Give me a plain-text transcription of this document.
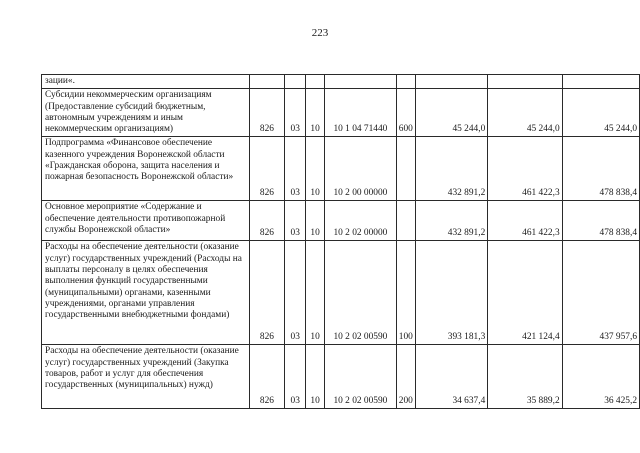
223
зации«.								
Субсидии некоммерческим организациям (Предоставление субсидий бюджетным, автономным учреждениям и иным некоммерческим организациям)	826	03	10	10 1 04 71440	600	45 244,0	45 244,0	45 244,0
Подпрограмма «Финансовое обеспечение казенного учреждения Воронежской области «Гражданская оборона, защита населения и пожарная безопасность Воронежской области»	826	03	10	10 2 00 00000		432 891,2	461 422,3	478 838,4
Основное мероприятие «Содержание и обеспечение деятельности противопожарной службы Воронежской области»	826	03	10	10 2 02 00000		432 891,2	461 422,3	478 838,4
Расходы на обеспечение деятельности (оказание услуг) государственных учреждений (Расходы на выплаты персоналу в целях обеспечения выполнения функций государственными (муниципальными) органами, казенными учреждениями, органами управления государственными внебюджетными фондами)	826	03	10	10 2 02 00590	100	393 181,3	421 124,4	437 957,6
Расходы на обеспечение деятельности (оказание услуг) государственных учреждений (Закупка товаров, работ и услуг для обеспечения государственных (муниципальных) нужд)	826	03	10	10 2 02 00590	200	34 637,4	35 889,2	36 425,2
